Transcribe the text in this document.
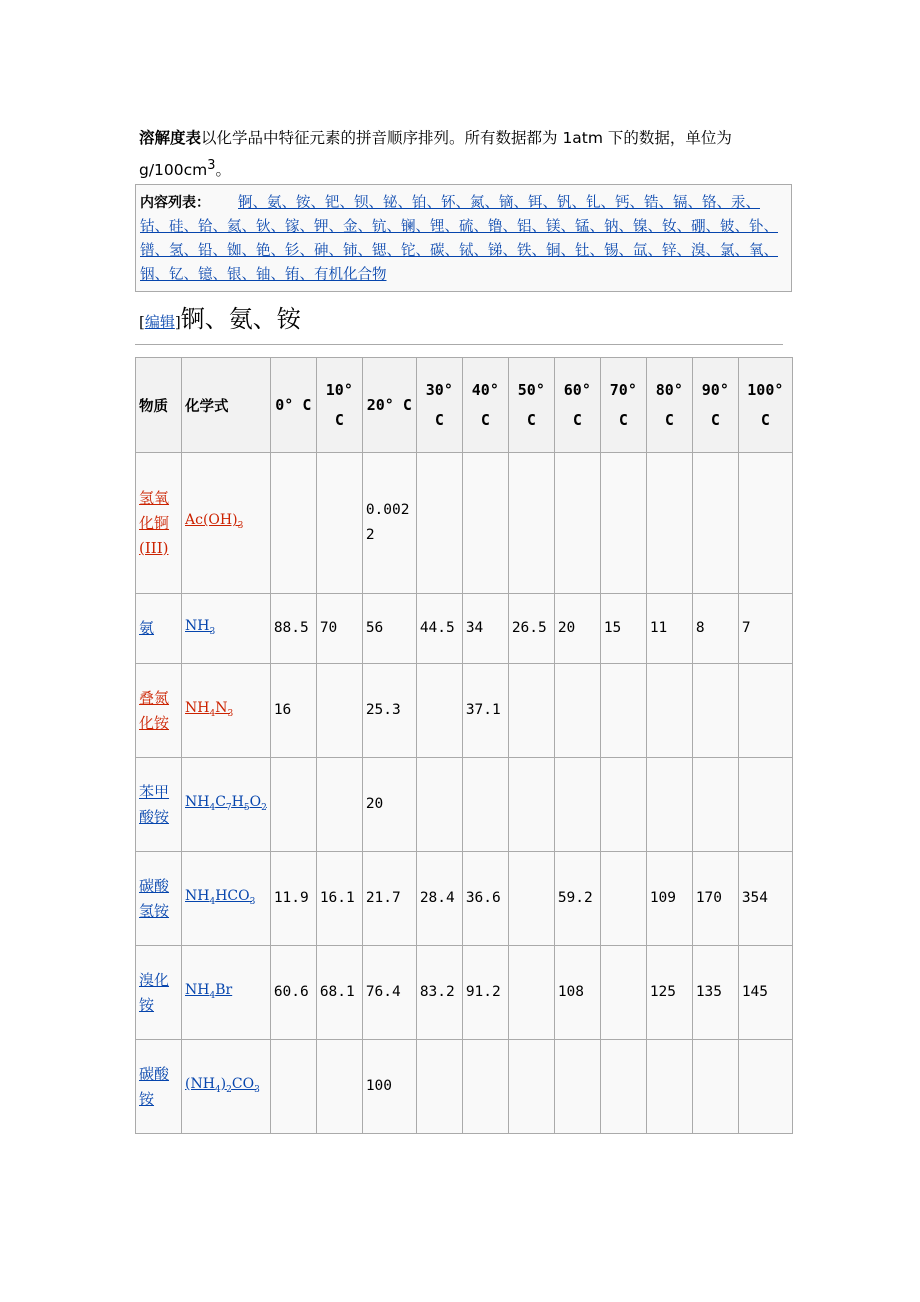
溶解度表以化学品中特征元素的拼音顺序排列。所有数据都为 1atm 下的数据，单位为 $g/100cm^3$。
内容列表： 锕、氨、铵、钯、钡、铋、铂、钚、氮、镝、铒、钒、钆、钙、锆、镉、铬、汞、钴、硅、铪、氦、钬、镓、钾、金、钪、镧、锂、硫、镥、铝、镁、锰、钠、镍、钕、硼、铍、钋、镨、氢、铅、铷、铯、钐、砷、铈、锶、铊、碳、铽、锑、铁、铜、钍、锡、氙、锌、溴、氯、氧、铟、钇、镱、银、铀、铕、有机化合物
[编辑]锕、氨、铵
物质	化学式	0° C	10° C	20° C	30° C	40° C	50° C	60° C	70° C	80° C	90° C	100° C
氢氧化锕(III)	$Ac(OH)_3$			0.0022								
氨	$NH_3$	88.5	70	56	44.5	34	26.5	20	15	11	8	7
叠氮化铵	$NH_4N_3$	16		25.3		37.1						
苯甲酸铵	$NH_4C_7H_5O_2$			20								
碳酸氢铵	$NH_4HCO_3$	11.9	16.1	21.7	28.4	36.6		59.2		109	170	354
溴化铵	$NH_4Br$	60.6	68.1	76.4	83.2	91.2		108		125	135	145
碳酸铵	$(NH_4)_2CO_3$			100								
